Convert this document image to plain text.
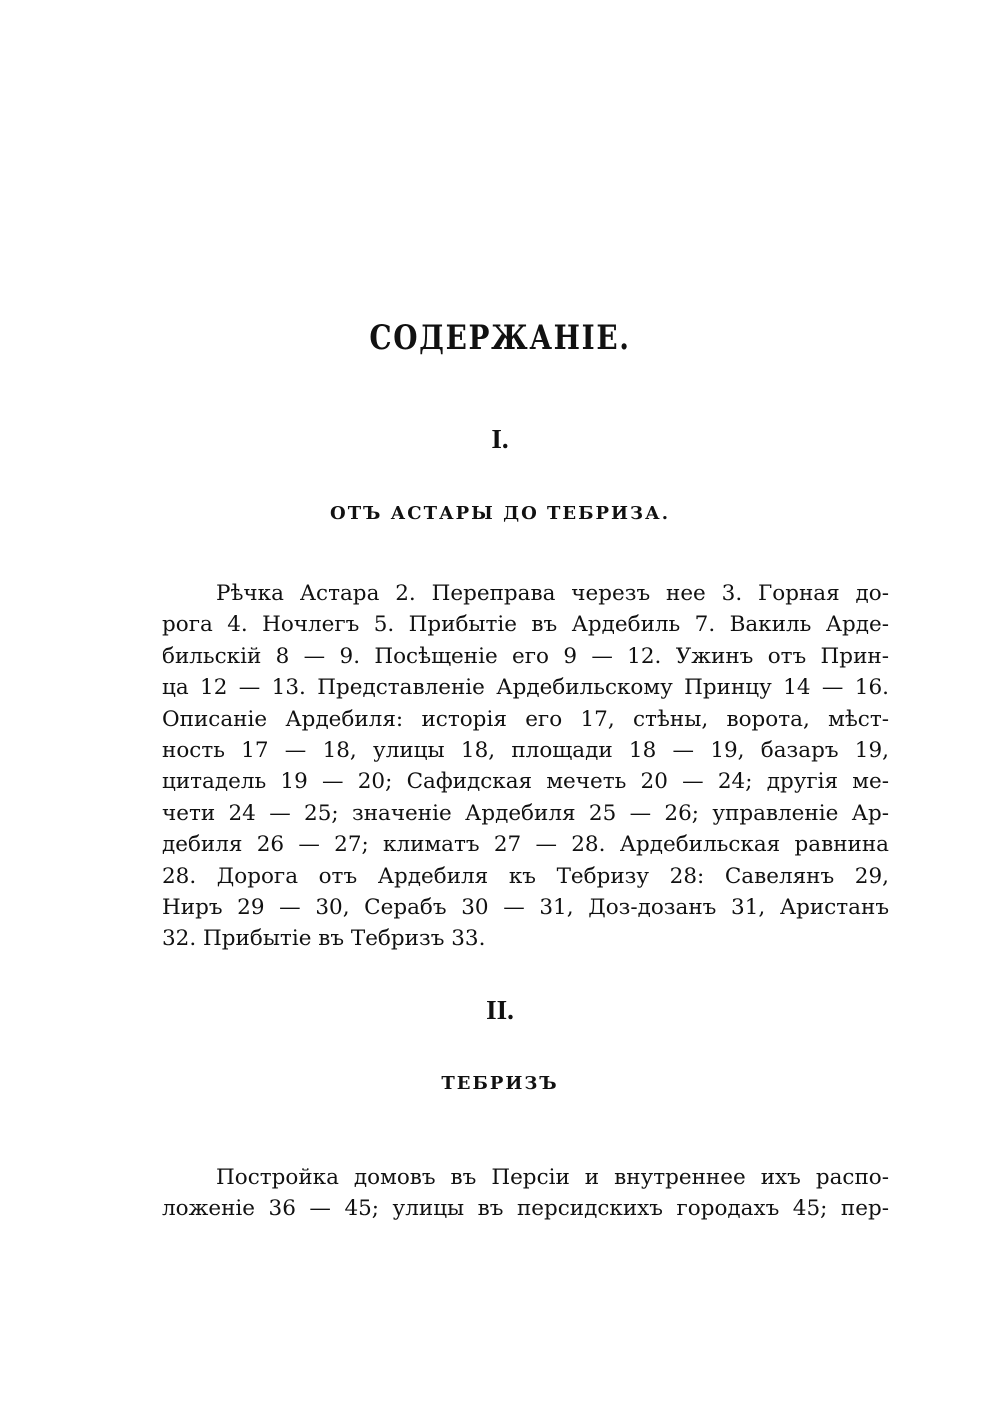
СОДЕРЖАНІЕ.
I.
ОТЪ АСТАРЫ ДО ТЕБРИЗА.
Рѣчка Астара 2. Переправа черезъ нее 3. Горная до-
рога 4. Ночлегъ 5. Прибытіе въ Ардебиль 7. Вакиль Арде-
бильскій 8 — 9. Посѣщеніе его 9 — 12. Ужинъ отъ Прин-
ца 12 — 13. Представленіе Ардебильскому Принцу 14 — 16.
Описаніе Ардебиля: исторія его 17, стѣны, ворота, мѣст-
ность 17 — 18, улицы 18, площади 18 — 19, базаръ 19,
цитадель 19 — 20; Сафидская мечеть 20 — 24; другія ме-
чети 24 — 25; значеніе Ардебиля 25 — 26; управленіе Ар-
дебиля 26 — 27; климатъ 27 — 28. Ардебильская равнина
28. Дорога отъ Ардебиля къ Тебризу 28: Савелянъ 29,
Ниръ 29 — 30, Серабъ 30 — 31, Доз-дозанъ 31, Аристанъ
32. Прибытіе въ Тебризъ 33.
II.
ТЕБРИЗЪ
Постройка домовъ въ Персіи и внутреннее ихъ распо-
ложеніе 36 — 45; улицы въ персидскихъ городахъ 45; пер-
